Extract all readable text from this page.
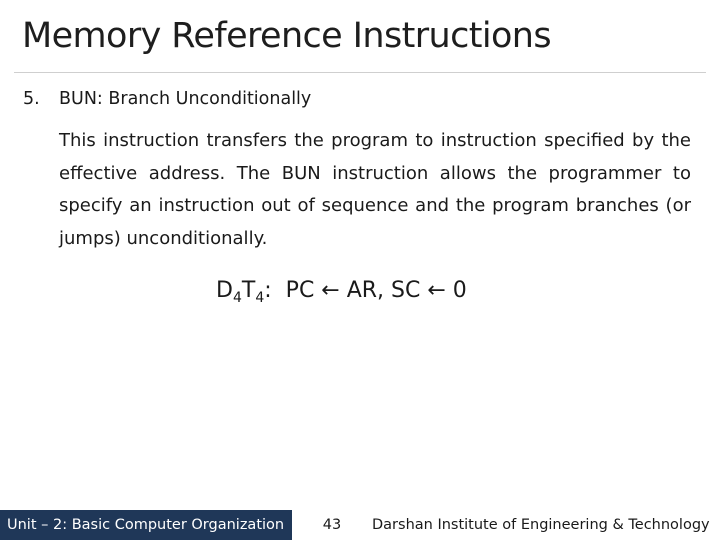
Memory Reference Instructions
5. BUN: Branch Unconditionally
This instruction transfers the program to instruction specified by the effective address. The BUN instruction allows the programmer to specify an instruction out of sequence and the program branches (or jumps) unconditionally.
$D_4T_4$: PC ← AR, SC ← 0
Unit – 2: Basic Computer Organization	43	Darshan Institute of Engineering & Technology
